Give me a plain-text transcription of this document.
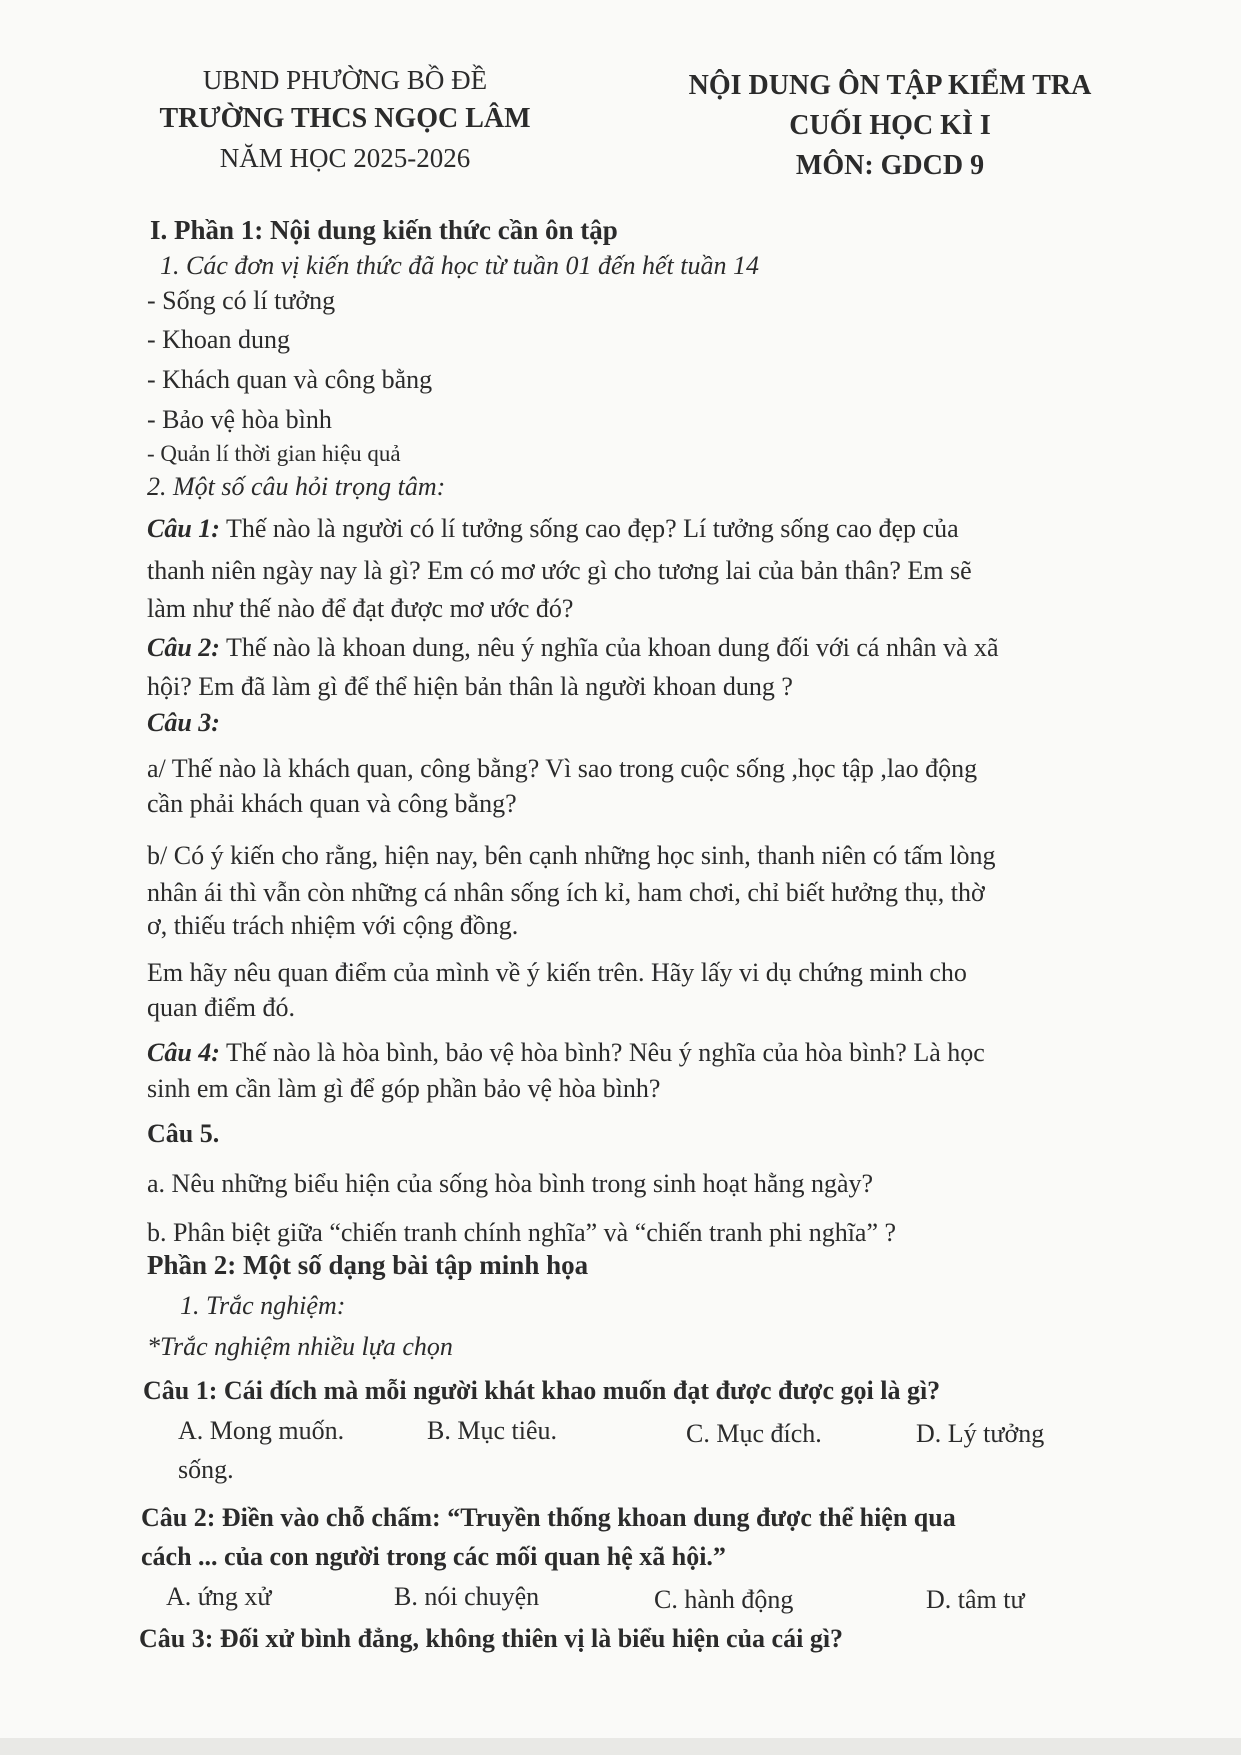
UBND PHƯỜNG BỒ ĐỀ
TRƯỜNG THCS NGỌC LÂM
NĂM HỌC 2025-2026
NỘI DUNG ÔN TẬP KIỂM TRA
CUỐI HỌC KÌ I
MÔN: GDCD 9
I. Phần 1: Nội dung kiến thức cần ôn tập
1. Các đơn vị kiến thức đã học từ tuần 01 đến hết tuần 14
- Sống có lí tưởng
- Khoan dung
- Khách quan và công bằng
- Bảo vệ hòa bình
- Quản lí thời gian hiệu quả
2. Một số câu hỏi trọng tâm:
Câu 1: Thế nào là người có lí tưởng sống cao đẹp? Lí tưởng sống cao đẹp của
thanh niên ngày nay là gì? Em có mơ ước gì cho tương lai của bản thân? Em sẽ
làm như thế nào để đạt được mơ ước đó?
Câu 2: Thế nào là khoan dung, nêu ý nghĩa của khoan dung đối với cá nhân và xã
hội? Em đã làm gì để thể hiện bản thân là người khoan dung ?
Câu 3:
a/ Thế nào là khách quan, công bằng? Vì sao trong cuộc sống ,học tập ,lao động
cần phải khách quan và công bằng?
b/ Có ý kiến cho rằng, hiện nay, bên cạnh những học sinh, thanh niên có tấm lòng
nhân ái thì vẫn còn những cá nhân sống ích kỉ, ham chơi, chỉ biết hưởng thụ, thờ
ơ, thiếu trách nhiệm với cộng đồng.
Em hãy nêu quan điểm của mình về ý kiến trên. Hãy lấy vi dụ chứng minh cho
quan điểm đó.
Câu 4: Thế nào là hòa bình, bảo vệ hòa bình? Nêu ý nghĩa của hòa bình? Là học
sinh em cần làm gì để góp phần bảo vệ hòa bình?
Câu 5.
a. Nêu những biểu hiện của sống hòa bình trong sinh hoạt hằng ngày?
b. Phân biệt giữa “chiến tranh chính nghĩa” và “chiến tranh phi nghĩa” ?
Phần 2: Một số dạng bài tập minh họa
1. Trắc nghiệm:
*Trắc nghiệm nhiều lựa chọn
Câu 1: Cái đích mà mỗi người khát khao muốn đạt được được gọi là gì?
A. Mong muốn.	B. Mục tiêu.	C. Mục đích.	D. Lý tưởng
sống.
Câu 2: Điền vào chỗ chấm: “Truyền thống khoan dung được thể hiện qua
cách ... của con người trong các mối quan hệ xã hội.”
A. ứng xử	B. nói chuyện	C. hành động	D. tâm tư
Câu 3: Đối xử bình đẳng, không thiên vị là biểu hiện của cái gì?
